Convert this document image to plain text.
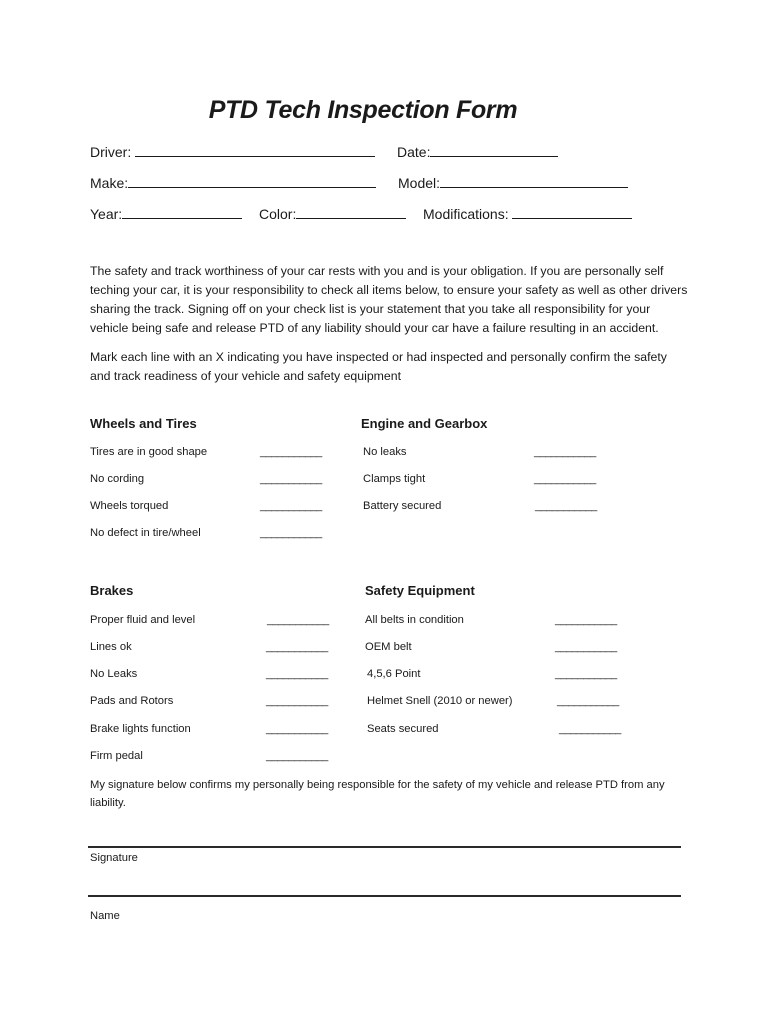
PTD Tech Inspection Form
Driver:	Date:
Make:	Model:
Year:	Color:	Modifications:

The safety and track worthiness of your car rests with you and is your obligation. If you are personally self teching your car, it is your responsibility to check all items below, to ensure your safety as well as other drivers sharing the track. Signing off on your check list is your statement that you take all responsibility for your vehicle being safe and release PTD of any liability should your car have a failure resulting in an accident.

Mark each line with an X indicating you have inspected or had inspected and personally confirm the safety and track readiness of your vehicle and safety equipment

Wheels and Tires
Tires are in good shape	___________
No cording	___________
Wheels torqued	___________
No defect in tire/wheel	___________
Engine and Gearbox
No leaks	___________
Clamps tight	___________
Battery secured	___________
Brakes
Proper fluid and level	___________
Lines ok	___________
No Leaks	___________
Pads and Rotors	___________
Brake lights function	___________
Firm pedal	___________
Safety Equipment
All belts in condition	___________
OEM belt	___________
4,5,6 Point	___________
Helmet Snell (2010 or newer)	___________
Seats secured	___________
My signature below confirms my personally being responsible for the safety of my vehicle and release PTD from any liability.
Signature
Name
